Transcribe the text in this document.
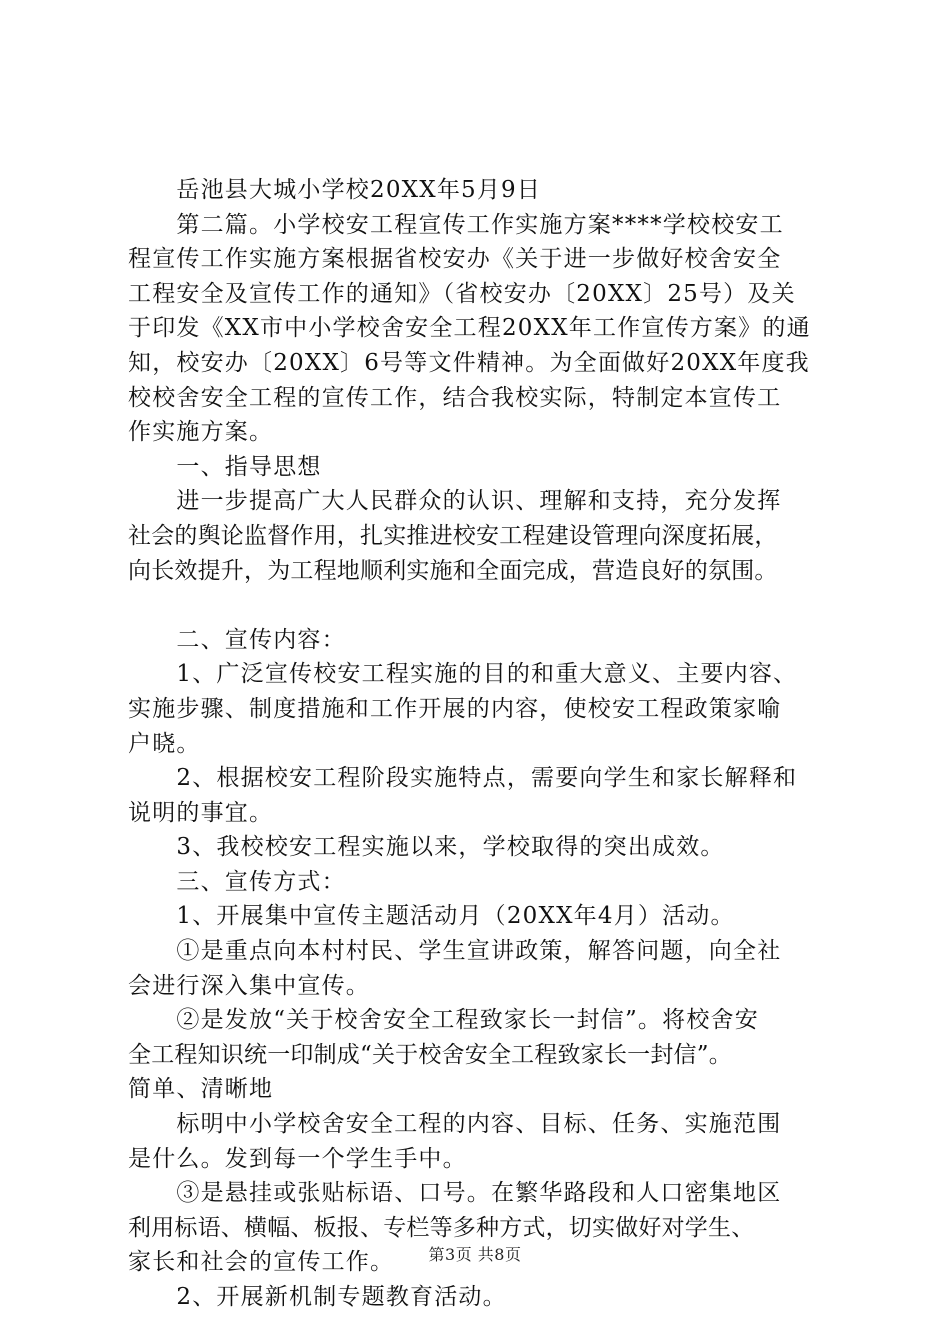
　　岳池县大城小学校20XX年5月9日
　　第二篇。小学校安工程宣传工作实施方案****学校校安工
程宣传工作实施方案根据省校安办《关于进一步做好校舍安全
工程安全及宣传工作的通知》（省校安办〔20XX〕25号）及关
于印发《XX市中小学校舍安全工程20XX年工作宣传方案》的通
知，校安办〔20XX〕6号等文件精神。为全面做好20XX年度我
校校舍安全工程的宣传工作，结合我校实际，特制定本宣传工
作实施方案。
　　一、指导思想
　　进一步提高广大人民群众的认识、理解和支持，充分发挥
社会的舆论监督作用，扎实推进校安工程建设管理向深度拓展，
向长效提升，为工程地顺利实施和全面完成，营造良好的氛围。
　　二、宣传内容：
　　1、广泛宣传校安工程实施的目的和重大意义、主要内容、
实施步骤、制度措施和工作开展的内容，使校安工程政策家喻
户晓。
　　2、根据校安工程阶段实施特点，需要向学生和家长解释和
说明的事宜。
　　3、我校校安工程实施以来，学校取得的突出成效。
　　三、宣传方式：
　　1、开展集中宣传主题活动月（20XX年4月）活动。
　　①是重点向本村村民、学生宣讲政策，解答问题，向全社
会进行深入集中宣传。
　　②是发放“关于校舍安全工程致家长一封信”。将校舍安
全工程知识统一印制成“关于校舍安全工程致家长一封信”。
简单、清晰地
　　标明中小学校舍安全工程的内容、目标、任务、实施范围
是什么。发到每一个学生手中。
　　③是悬挂或张贴标语、口号。在繁华路段和人口密集地区
利用标语、横幅、板报、专栏等多种方式，切实做好对学生、
家长和社会的宣传工作。
　　2、开展新机制专题教育活动。
第3页 共8页
